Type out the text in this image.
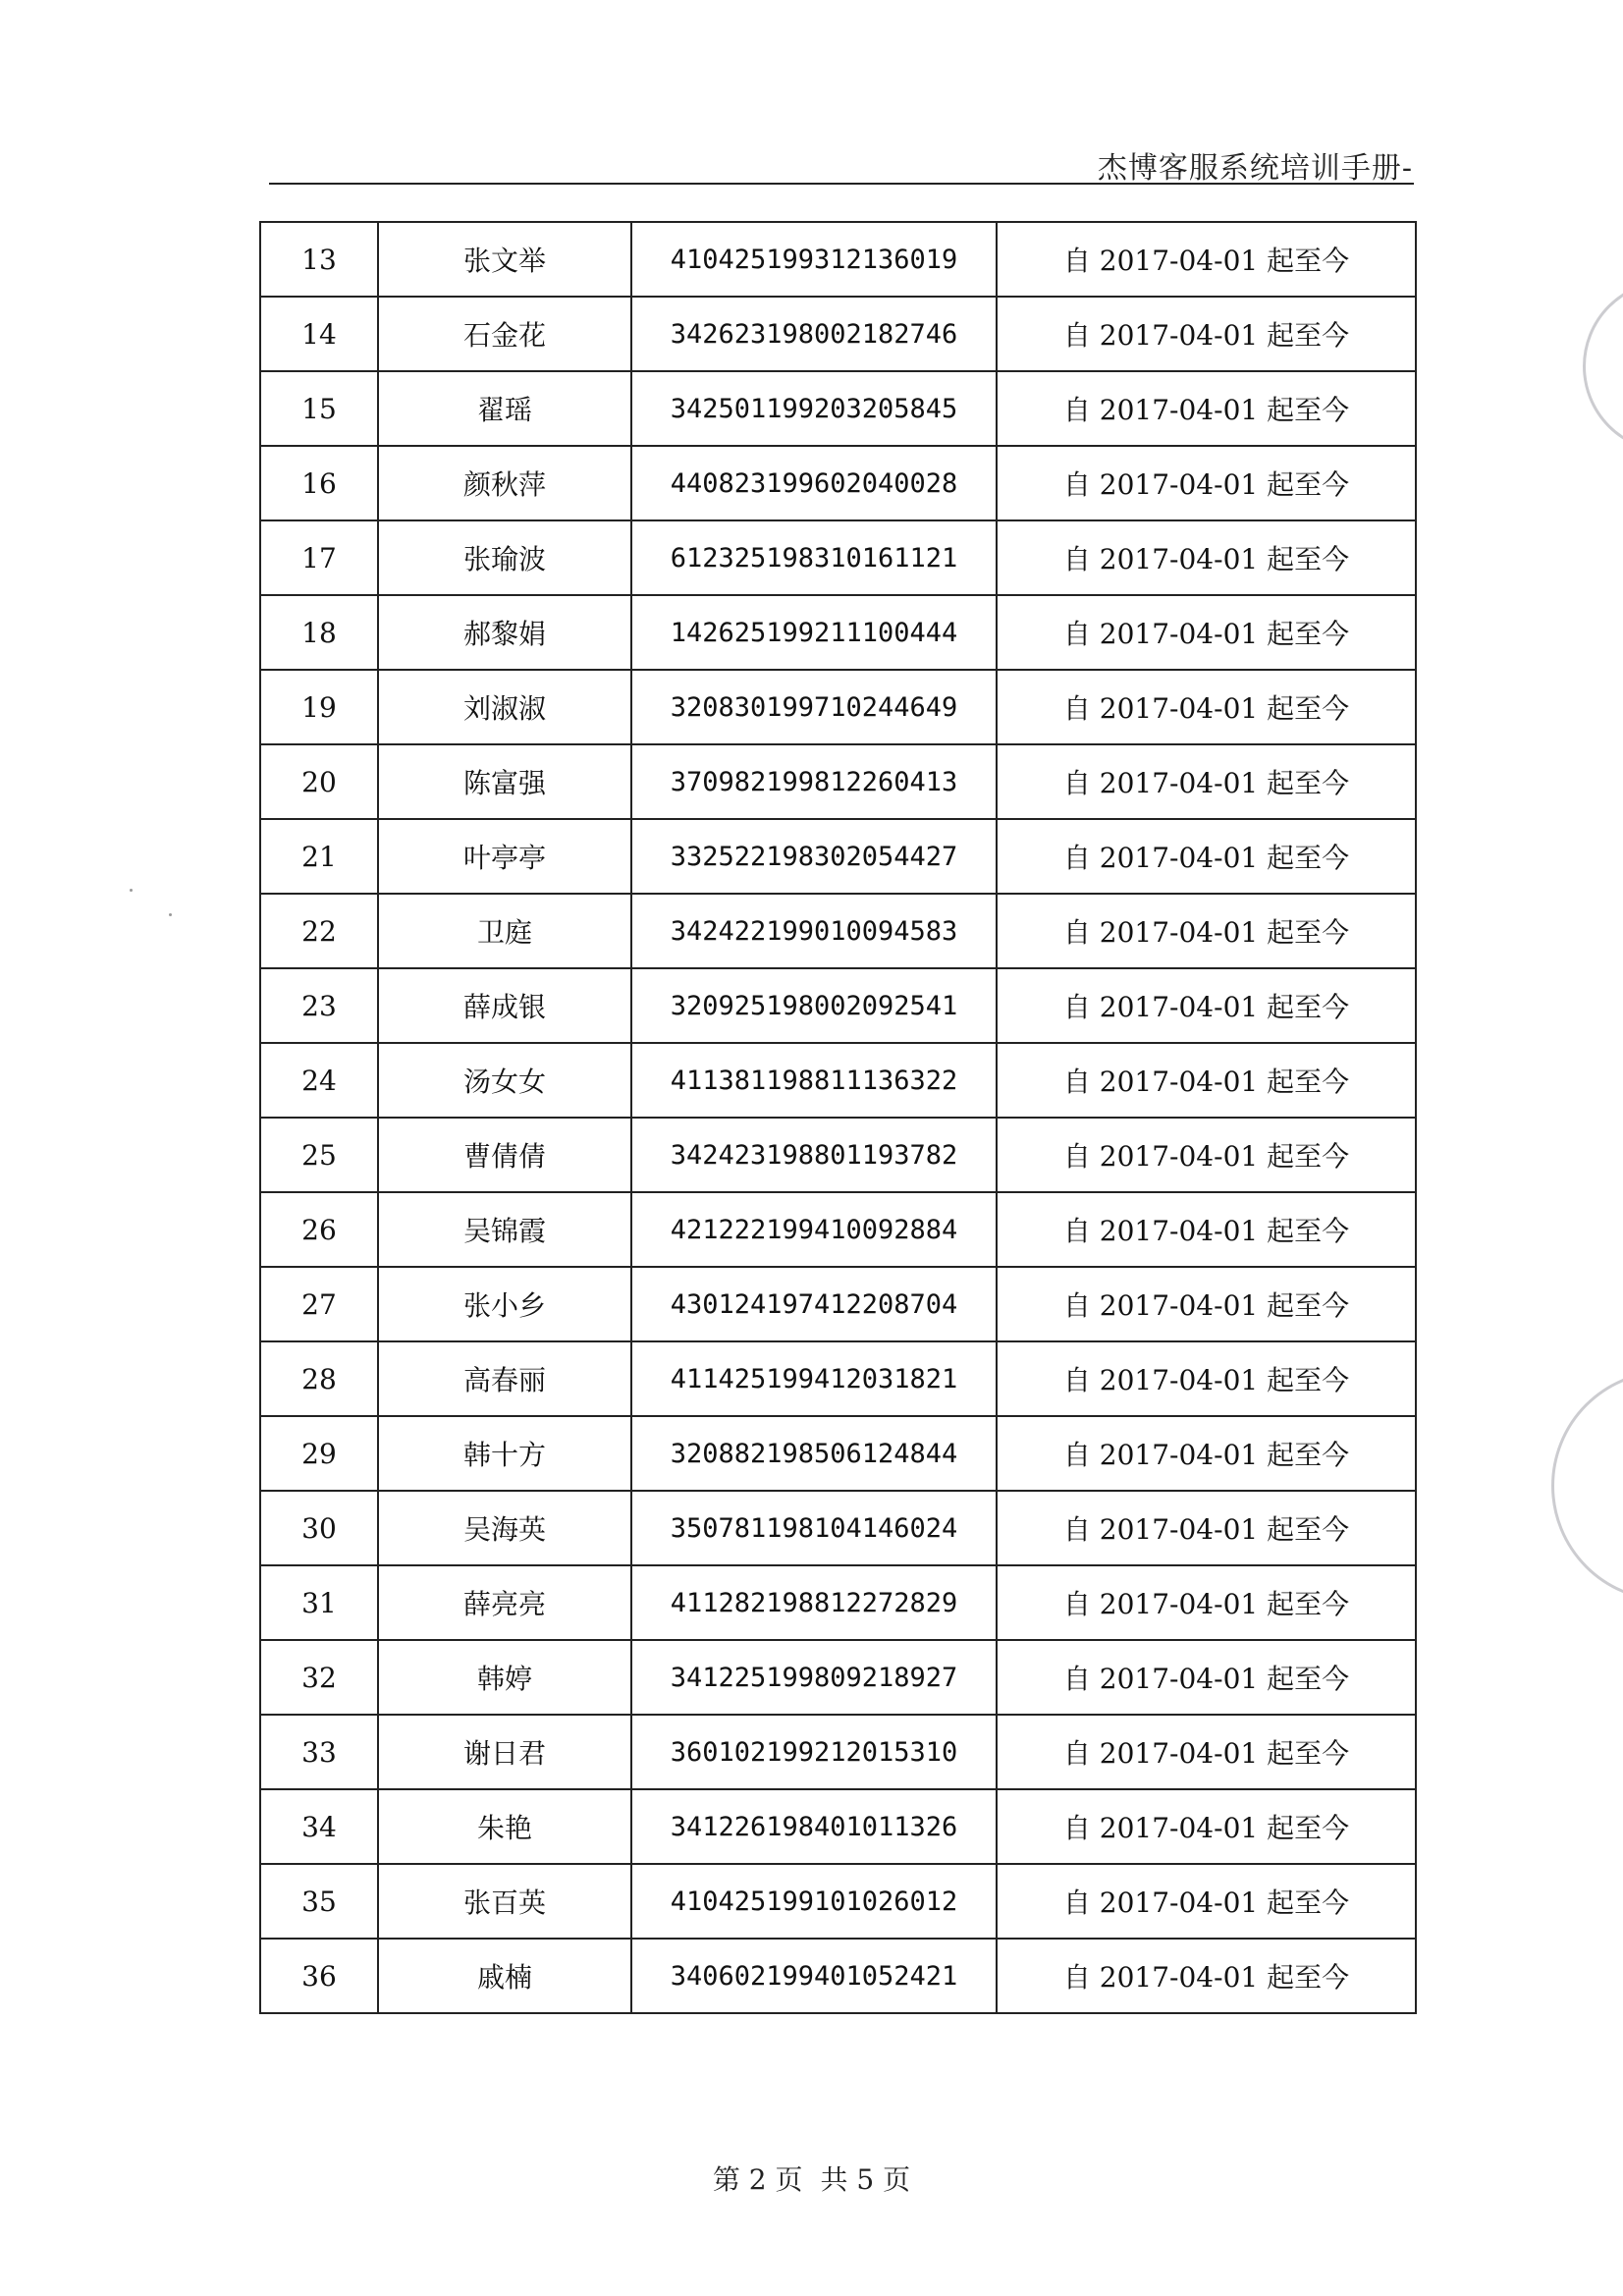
杰博客服系统培训手册-
13	张文举	410425199312136019	自 2017-04-01 起至今
14	石金花	342623198002182746	自 2017-04-01 起至今
15	翟瑶	342501199203205845	自 2017-04-01 起至今
16	颜秋萍	440823199602040028	自 2017-04-01 起至今
17	张瑜波	612325198310161121	自 2017-04-01 起至今
18	郝黎娟	142625199211100444	自 2017-04-01 起至今
19	刘淑淑	320830199710244649	自 2017-04-01 起至今
20	陈富强	370982199812260413	自 2017-04-01 起至今
21	叶亭亭	332522198302054427	自 2017-04-01 起至今
22	卫庭	342422199010094583	自 2017-04-01 起至今
23	薛成银	320925198002092541	自 2017-04-01 起至今
24	汤女女	411381198811136322	自 2017-04-01 起至今
25	曹倩倩	342423198801193782	自 2017-04-01 起至今
26	吴锦霞	421222199410092884	自 2017-04-01 起至今
27	张小乡	430124197412208704	自 2017-04-01 起至今
28	高春丽	411425199412031821	自 2017-04-01 起至今
29	韩十方	320882198506124844	自 2017-04-01 起至今
30	吴海英	350781198104146024	自 2017-04-01 起至今
31	薛亮亮	411282198812272829	自 2017-04-01 起至今
32	韩婷	341225199809218927	自 2017-04-01 起至今
33	谢日君	360102199212015310	自 2017-04-01 起至今
34	朱艳	341226198401011326	自 2017-04-01 起至今
35	张百英	410425199101026012	自 2017-04-01 起至今
36	戚楠	340602199401052421	自 2017-04-01 起至今
第 2 页 共 5 页
